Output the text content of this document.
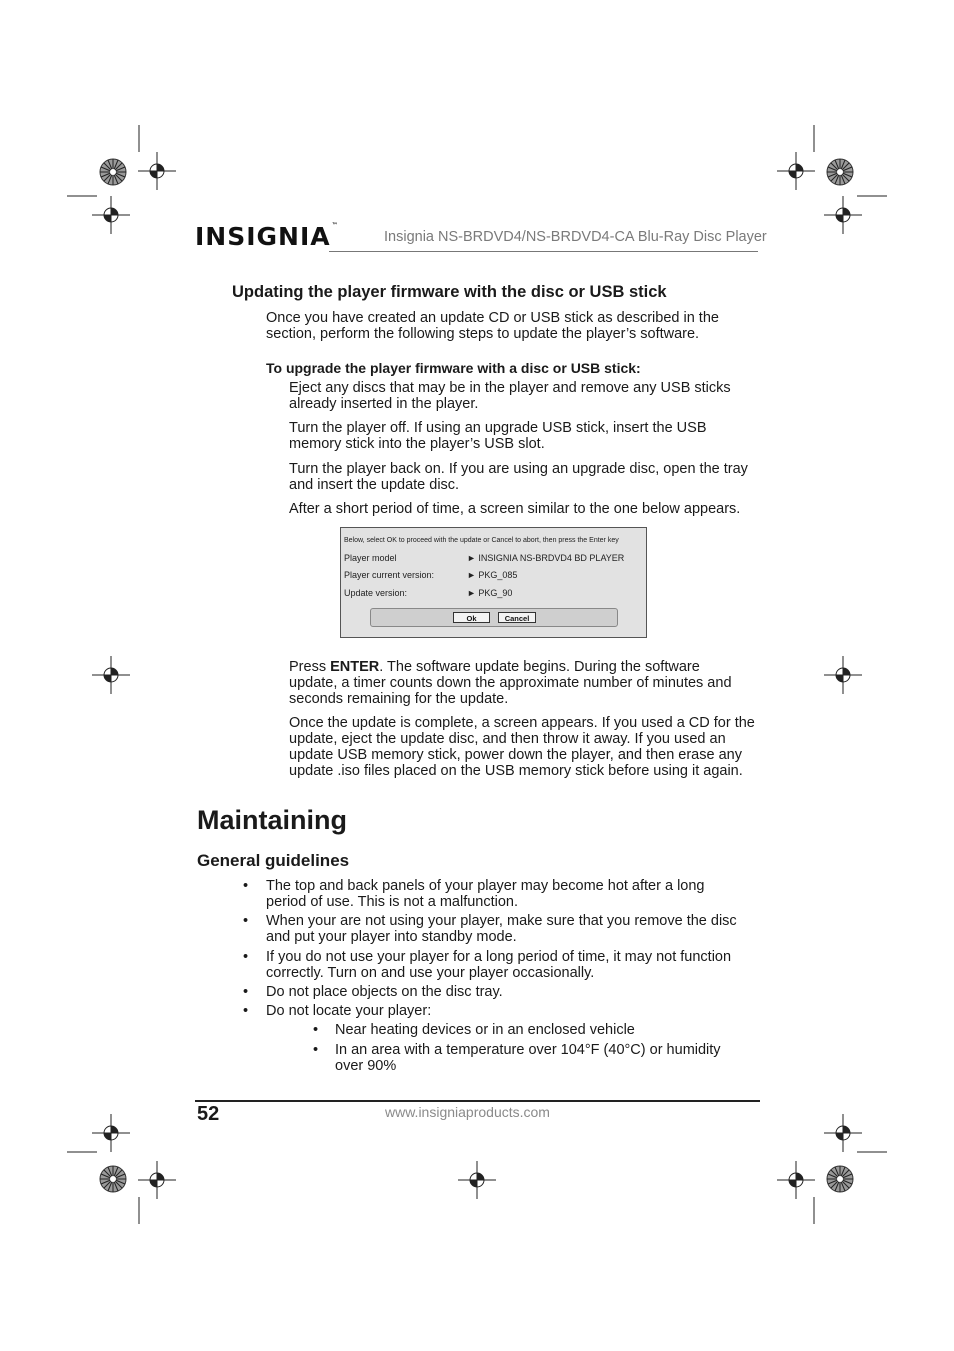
INSIGNIA™
Insignia NS-BRDVD4/NS-BRDVD4-CA Blu-Ray Disc Player
Updating the player firmware with the disc or USB stick
Once you have created an update CD or USB stick as described in the
section, perform the following steps to update the player’s software.
To upgrade the player firmware with a disc or USB stick:
Eject any discs that may be in the player and remove any USB sticks
already inserted in the player.
Turn the player off. If using an upgrade USB stick, insert the USB
memory stick into the player’s USB slot.
Turn the player back on. If you are using an upgrade disc, open the tray
and insert the update disc.
After a short period of time, a screen similar to the one below appears.
Below, select OK to proceed with the update or Cancel to abort, then press the Enter key
Player model	► INSIGNIA NS-BRDVD4 BD PLAYER
Player current version:	► PKG_085
Update version:	► PKG_90
Ok	Cancel
Press ENTER. The software update begins. During the software
update, a timer counts down the approximate number of minutes and
seconds remaining for the update.
Once the update is complete, a screen appears. If you used a CD for the
update, eject the update disc, and then throw it away. If you used an
update USB memory stick, power down the player, and then erase any
update .iso files placed on the USB memory stick before using it again.
Maintaining
General guidelines
• The top and back panels of your player may become hot after a long
period of use. This is not a malfunction.
• When your are not using your player, make sure that you remove the disc
and put your player into standby mode.
• If you do not use your player for a long period of time, it may not function
correctly. Turn on and use your player occasionally.
• Do not place objects on the disc tray.
• Do not locate your player:
• Near heating devices or in an enclosed vehicle
• In an area with a temperature over 104°F (40°C) or humidity
over 90%
52	www.insigniaproducts.com
